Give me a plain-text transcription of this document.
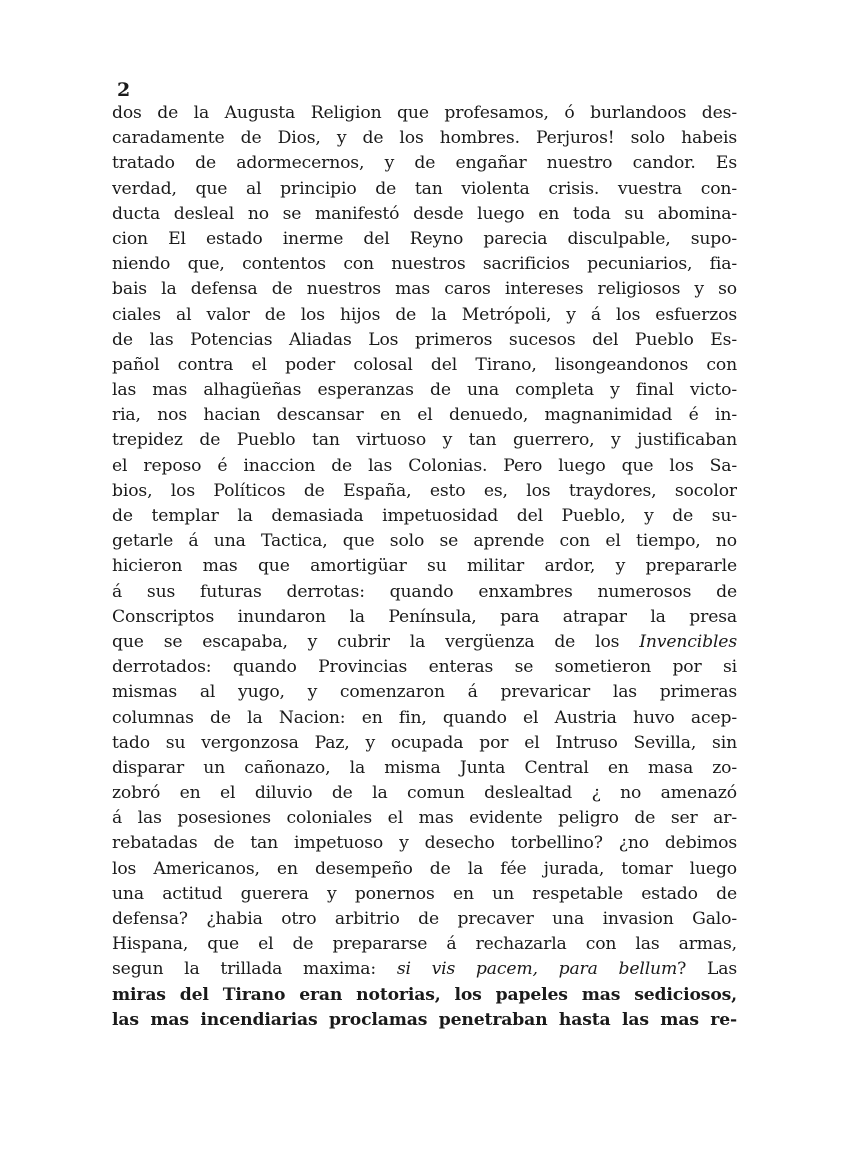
2
dos de la Augusta Religion que profesamos, ó burlandoos des-
caradamente de Dios, y de los hombres. Perjuros! solo habeis
tratado de adormecernos, y de engañar nuestro candor. Es
verdad, que al principio de tan violenta crisis. vuestra con-
ducta desleal no se manifestó desde luego en toda su abomina-
cion El estado inerme del Reyno parecia disculpable, supo-
niendo que, contentos con nuestros sacrificios pecuniarios, fia-
bais la defensa de nuestros mas caros intereses religiosos y so
ciales al valor de los hijos de la Metrópoli, y á los esfuerzos
de las Potencias Aliadas Los primeros sucesos del Pueblo Es-
pañol contra el poder colosal del Tirano, lisongeandonos con
las mas alhagüeñas esperanzas de una completa y final victo-
ria, nos hacian descansar en el denuedo, magnanimidad é in-
trepidez de Pueblo tan virtuoso y tan guerrero, y justificaban
el reposo é inaccion de las Colonias. Pero luego que los Sa-
bios, los Políticos de España, esto es, los traydores, socolor
de templar la demasiada impetuosidad del Pueblo, y de su-
getarle á una Tactica, que solo se aprende con el tiempo, no
hicieron mas que amortigüar su militar ardor, y prepararle
á sus futuras derrotas: quando enxambres numerosos de
Conscriptos inundaron la Península, para atrapar la presa
que se escapaba, y cubrir la vergüenza de los Invencibles
derrotados: quando Provincias enteras se sometieron por si
mismas al yugo, y comenzaron á prevaricar las primeras
columnas de la Nacion: en fin, quando el Austria huvo acep-
tado su vergonzosa Paz, y ocupada por el Intruso Sevilla, sin
disparar un cañonazo, la misma Junta Central en masa zo-
zobró en el diluvio de la comun deslealtad ¿ no amenazó
á las posesiones coloniales el mas evidente peligro de ser ar-
rebatadas de tan impetuoso y desecho torbellino? ¿no debimos
los Americanos, en desempeño de la fée jurada, tomar luego
una actitud guerera y ponernos en un respetable estado de
defensa? ¿habia otro arbitrio de precaver una invasion Galo-
Hispana, que el de prepararse á rechazarla con las armas,
segun la trillada maxima: si vis pacem, para bellum? Las
miras del Tirano eran notorias, los papeles mas sediciosos,
las mas incendiarias proclamas penetraban hasta las mas re-
